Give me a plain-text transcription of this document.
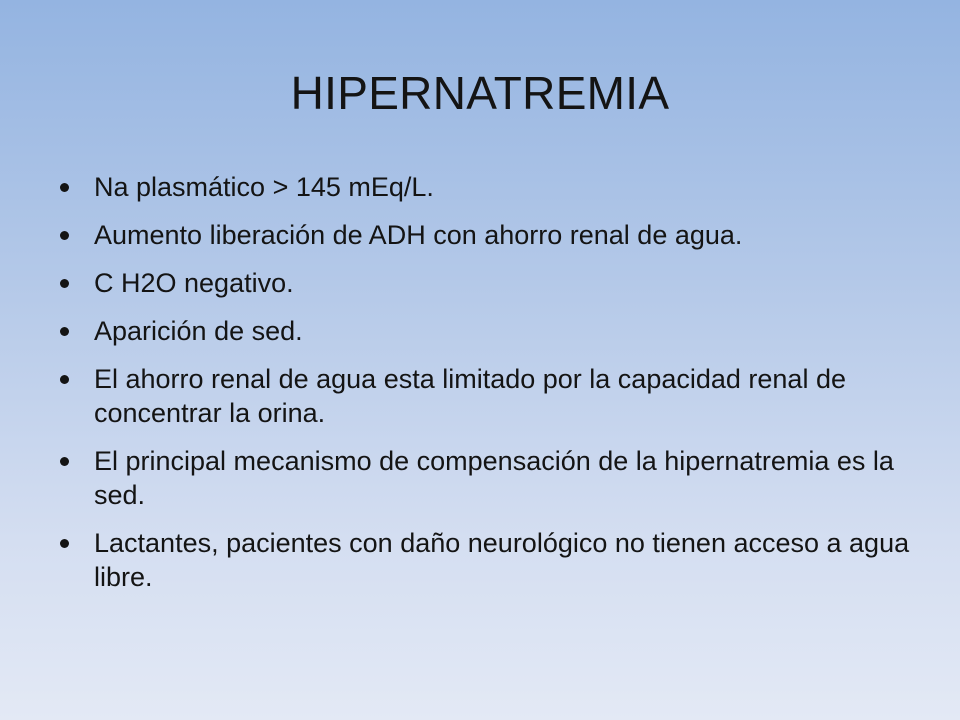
HIPERNATREMIA
Na plasmático > 145 mEq/L.
Aumento liberación de ADH con ahorro renal de agua.
C H2O negativo.
Aparición de sed.
El ahorro renal de agua esta limitado por la capacidad renal de concentrar la orina.
El principal mecanismo de compensación de la hipernatremia es la sed.
Lactantes, pacientes con daño neurológico no tienen acceso a agua libre.
